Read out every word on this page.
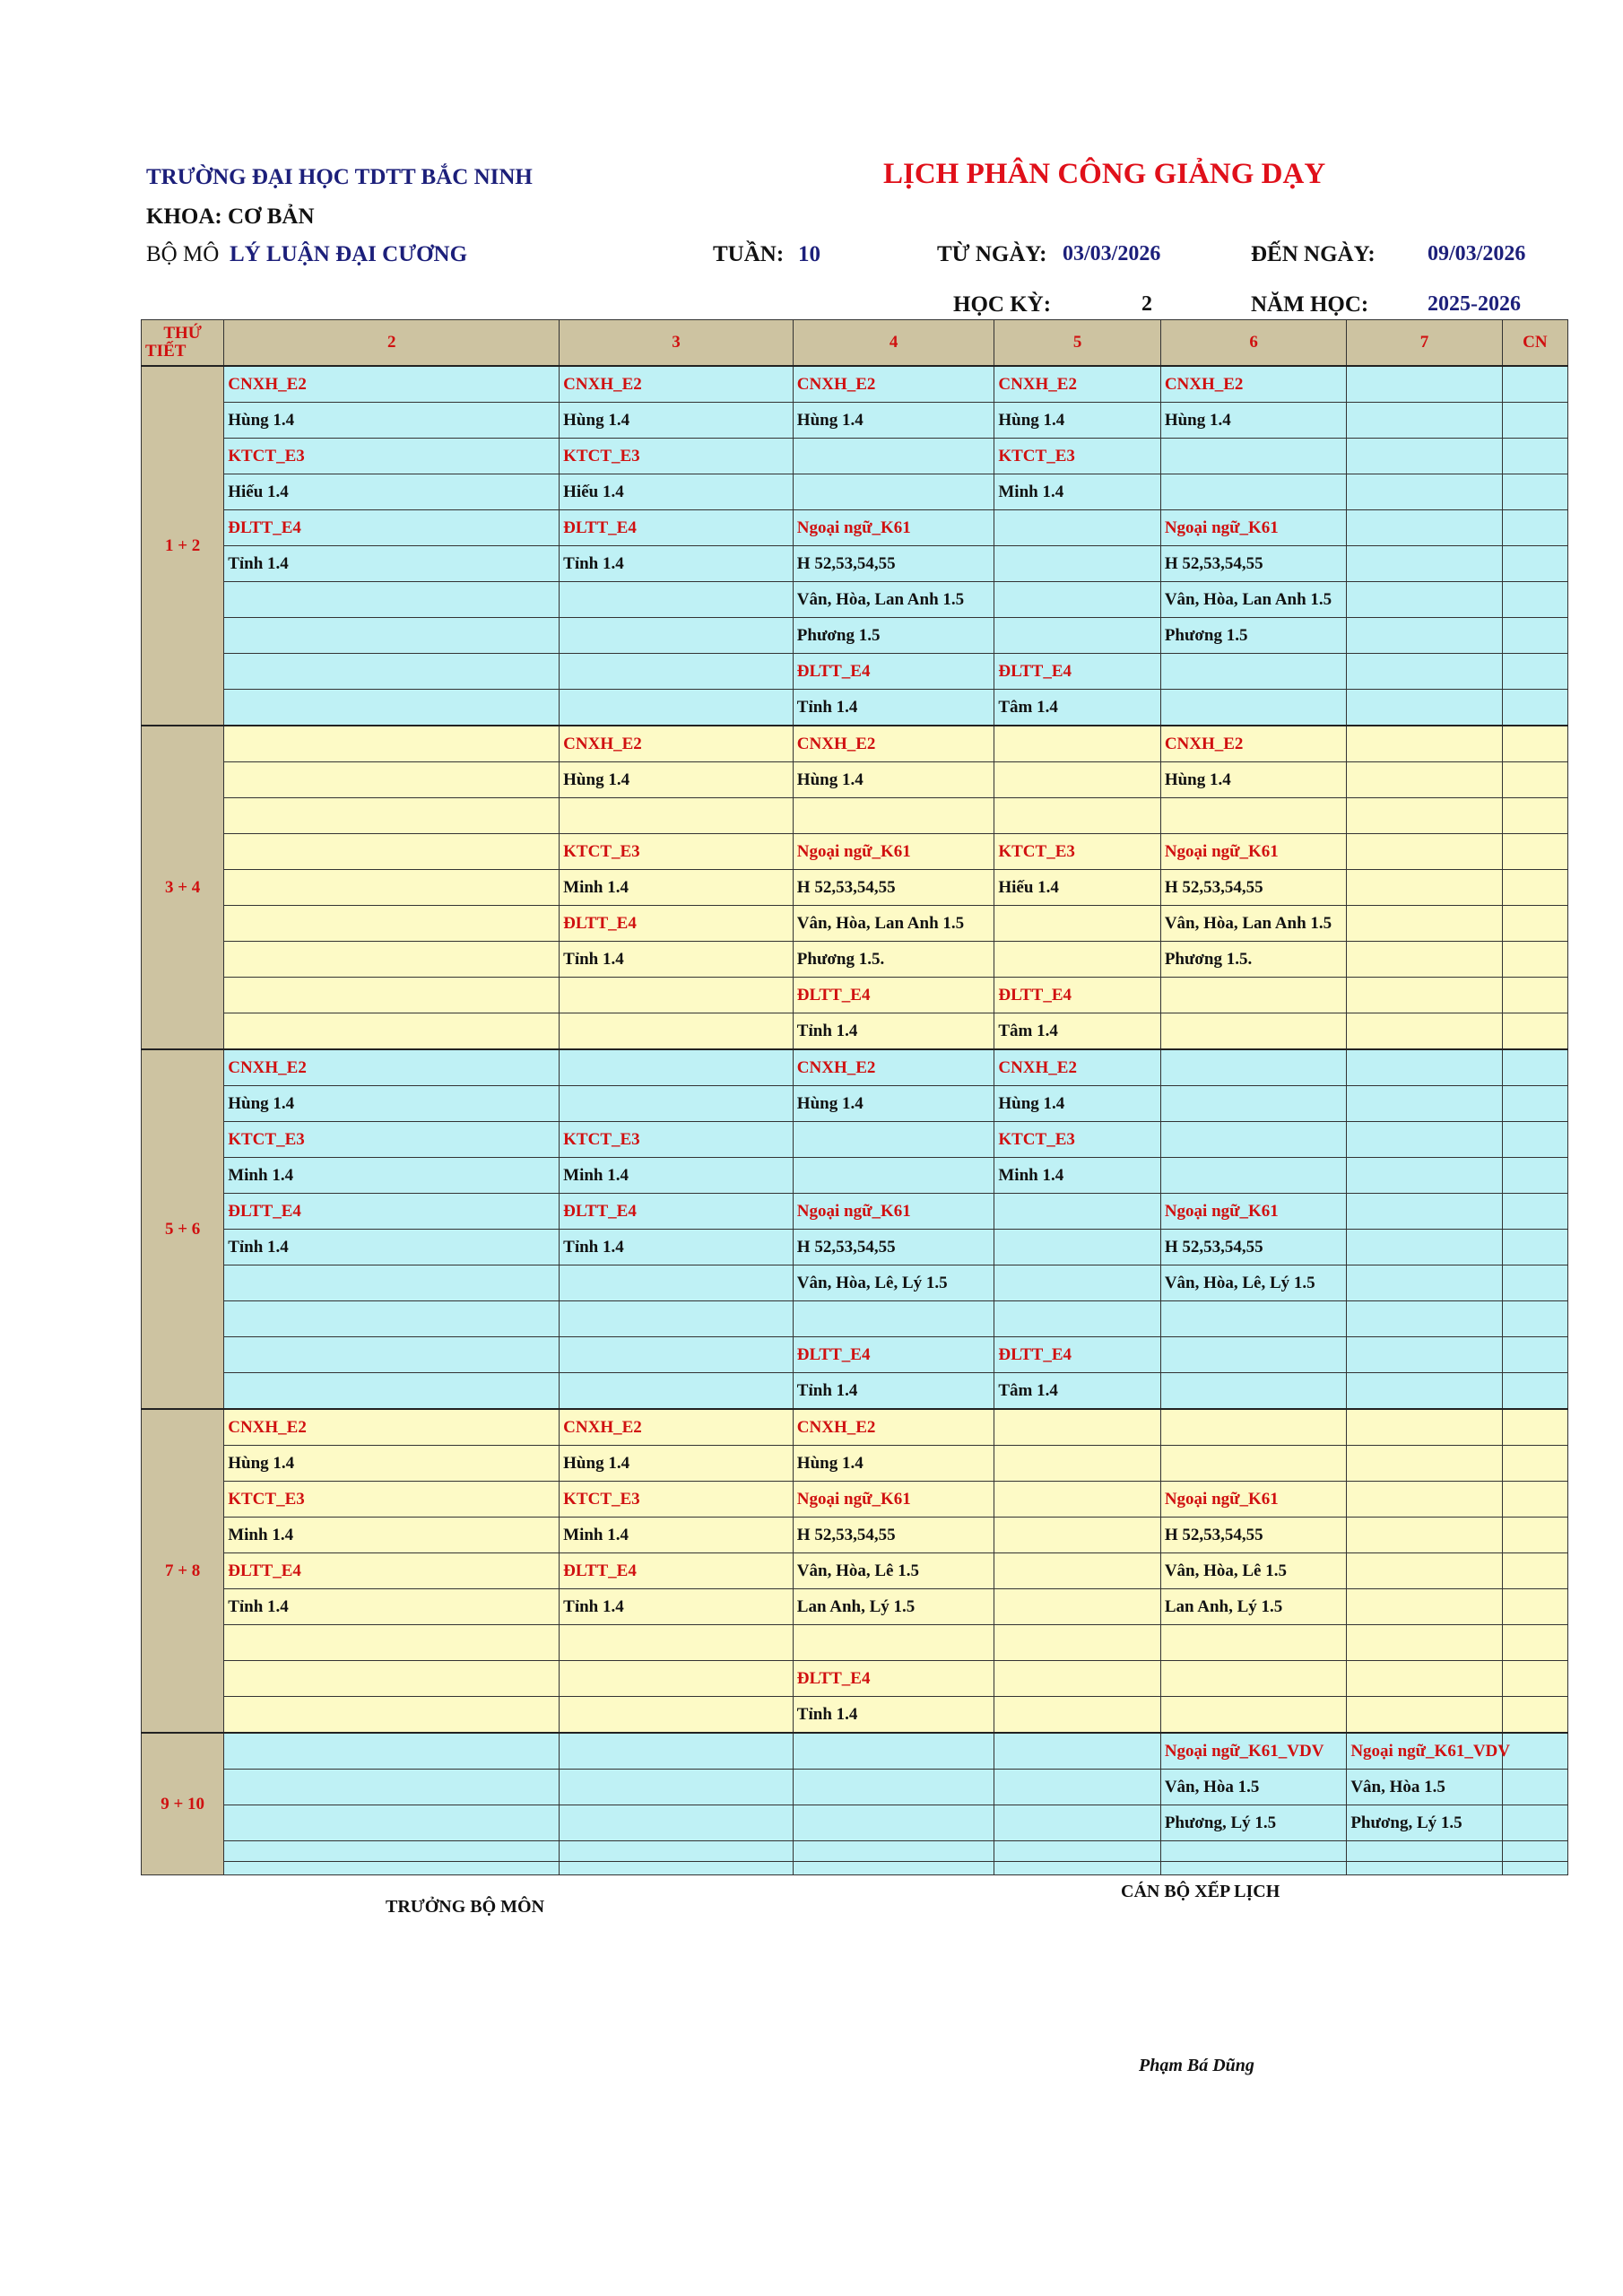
TRƯỜNG ĐẠI HỌC TDTT BẮC NINH	LỊCH PHÂN CÔNG GIẢNG DẠY
KHOA: CƠ BẢN
BỘ MÔ LÝ LUẬN ĐẠI CƯƠNG	TUẦN: 10	TỪ NGÀY: 03/03/2026	ĐẾN NGÀY: 09/03/2026
HỌC KỲ:	2	NĂM HỌC:	2025-2026
THỨ
TIẾT	2	3	4	5	6	7	CN
1 + 2	CNXH_E2	CNXH_E2	CNXH_E2	CNXH_E2	CNXH_E2		
	Hùng 1.4	Hùng 1.4	Hùng 1.4	Hùng 1.4	Hùng 1.4		
	KTCT_E3	KTCT_E3		KTCT_E3			
	Hiếu 1.4	Hiếu 1.4		Minh 1.4			
	ĐLTT_E4	ĐLTT_E4	Ngoại ngữ_K61		Ngoại ngữ_K61		
	Tỉnh 1.4	Tỉnh 1.4	H 52,53,54,55		H 52,53,54,55		
			Vân, Hòa, Lan Anh 1.5		Vân, Hòa, Lan Anh 1.5		
			Phương 1.5		Phương 1.5		
			ĐLTT_E4	ĐLTT_E4			
			Tỉnh 1.4	Tâm 1.4			
3 + 4		CNXH_E2	CNXH_E2		CNXH_E2		
		Hùng 1.4	Hùng 1.4		Hùng 1.4		

		KTCT_E3	Ngoại ngữ_K61	KTCT_E3	Ngoại ngữ_K61		
		Minh 1.4	H 52,53,54,55	Hiếu 1.4	H 52,53,54,55		
		ĐLTT_E4	Vân, Hòa, Lan Anh 1.5		Vân, Hòa, Lan Anh 1.5		
		Tỉnh 1.4	Phương 1.5.		Phương 1.5.		
			ĐLTT_E4	ĐLTT_E4			
			Tỉnh 1.4	Tâm 1.4			
5 + 6	CNXH_E2		CNXH_E2	CNXH_E2			
	Hùng 1.4		Hùng 1.4	Hùng 1.4			
	KTCT_E3	KTCT_E3		KTCT_E3			
	Minh 1.4	Minh 1.4		Minh 1.4			
	ĐLTT_E4	ĐLTT_E4	Ngoại ngữ_K61		Ngoại ngữ_K61		
	Tỉnh 1.4	Tỉnh 1.4	H 52,53,54,55		H 52,53,54,55		
			Vân, Hòa, Lê, Lý 1.5		Vân, Hòa, Lê, Lý 1.5		

			ĐLTT_E4	ĐLTT_E4			
			Tỉnh 1.4	Tâm 1.4			
7 + 8	CNXH_E2	CNXH_E2	CNXH_E2				
	Hùng 1.4	Hùng 1.4	Hùng 1.4				
	KTCT_E3	KTCT_E3	Ngoại ngữ_K61		Ngoại ngữ_K61		
	Minh 1.4	Minh 1.4	H 52,53,54,55		H 52,53,54,55		
	ĐLTT_E4	ĐLTT_E4	Vân, Hòa, Lê 1.5		Vân, Hòa, Lê 1.5		
	Tỉnh 1.4	Tỉnh 1.4	Lan Anh, Lý 1.5		Lan Anh, Lý 1.5		

			ĐLTT_E4				
			Tỉnh 1.4				
9 + 10					Ngoại ngữ_K61_VDV	Ngoại ngữ_K61_VDV	
					Vân, Hòa 1.5	Vân, Hòa 1.5	
					Phương, Lý 1.5	Phương, Lý 1.5	

TRƯỞNG BỘ MÔN
CÁN BỘ XẾP LỊCH
Phạm Bá Dũng
